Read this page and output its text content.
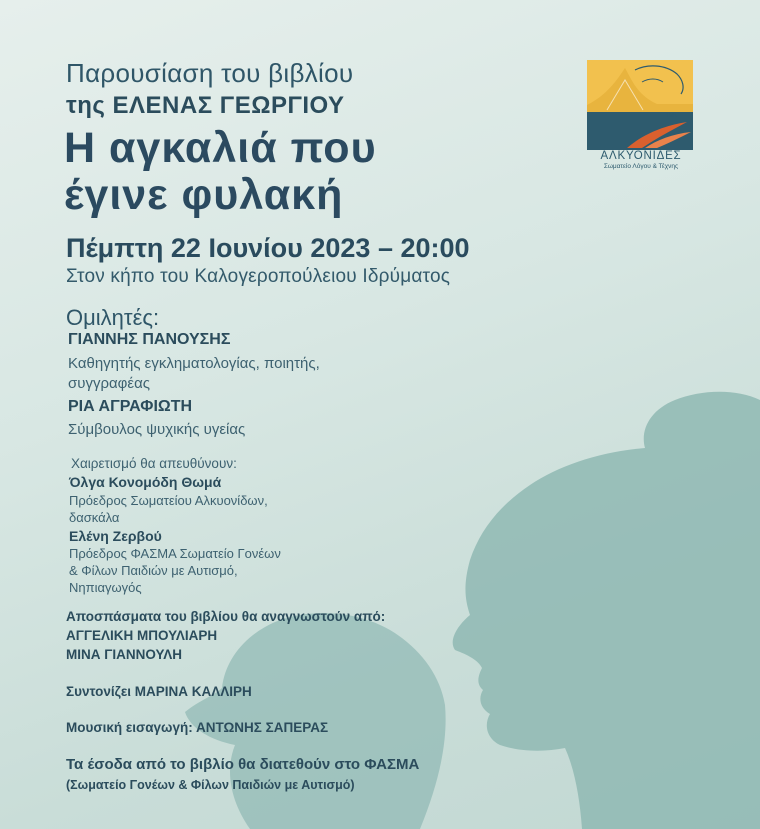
1991
ΑΛΚΥΟΝΙΔΕΣ
Σωματείο Λόγου & Τέχνης
Παρουσίαση του βιβλίου
της ΕΛΕΝΑΣ ΓΕΩΡΓΙΟΥ
Η αγκαλιά που
έγινε φυλακή
Πέμπτη 22 Ιουνίου 2023 – 20:00
Στον κήπο του Καλογεροπούλειου Ιδρύματος
Ομιλητές:
ΓΙΑΝΝΗΣ ΠΑΝΟΥΣΗΣ
Καθηγητής εγκληματολογίας, ποιητής,
συγγραφέας
ΡΙΑ ΑΓΡΑΦΙΩΤΗ
Σύμβουλος ψυχικής υγείας
Χαιρετισμό θα απευθύνουν:
Όλγα Κονομόδη Θωμά
Πρόεδρος Σωματείου Αλκυονίδων,
δασκάλα
Ελένη Ζερβού
Πρόεδρος ΦΑΣΜΑ Σωματείο Γονέων
& Φίλων Παιδιών με Αυτισμό,
Νηπιαγωγός
Αποσπάσματα του βιβλίου θα αναγνωστούν από:
ΑΓΓΕΛΙΚΗ ΜΠΟΥΛΙΑΡΗ
ΜΙΝΑ ΓΙΑΝΝΟΥΛΗ
Συντονίζει ΜΑΡΙΝΑ ΚΑΛΛΙΡΗ
Μουσική εισαγωγή: ΑΝΤΩΝΗΣ ΣΑΠΕΡΑΣ
Τα έσοδα από το βιβλίο θα διατεθούν στο ΦΑΣΜΑ
(Σωματείο Γονέων & Φίλων Παιδιών με Αυτισμό)
